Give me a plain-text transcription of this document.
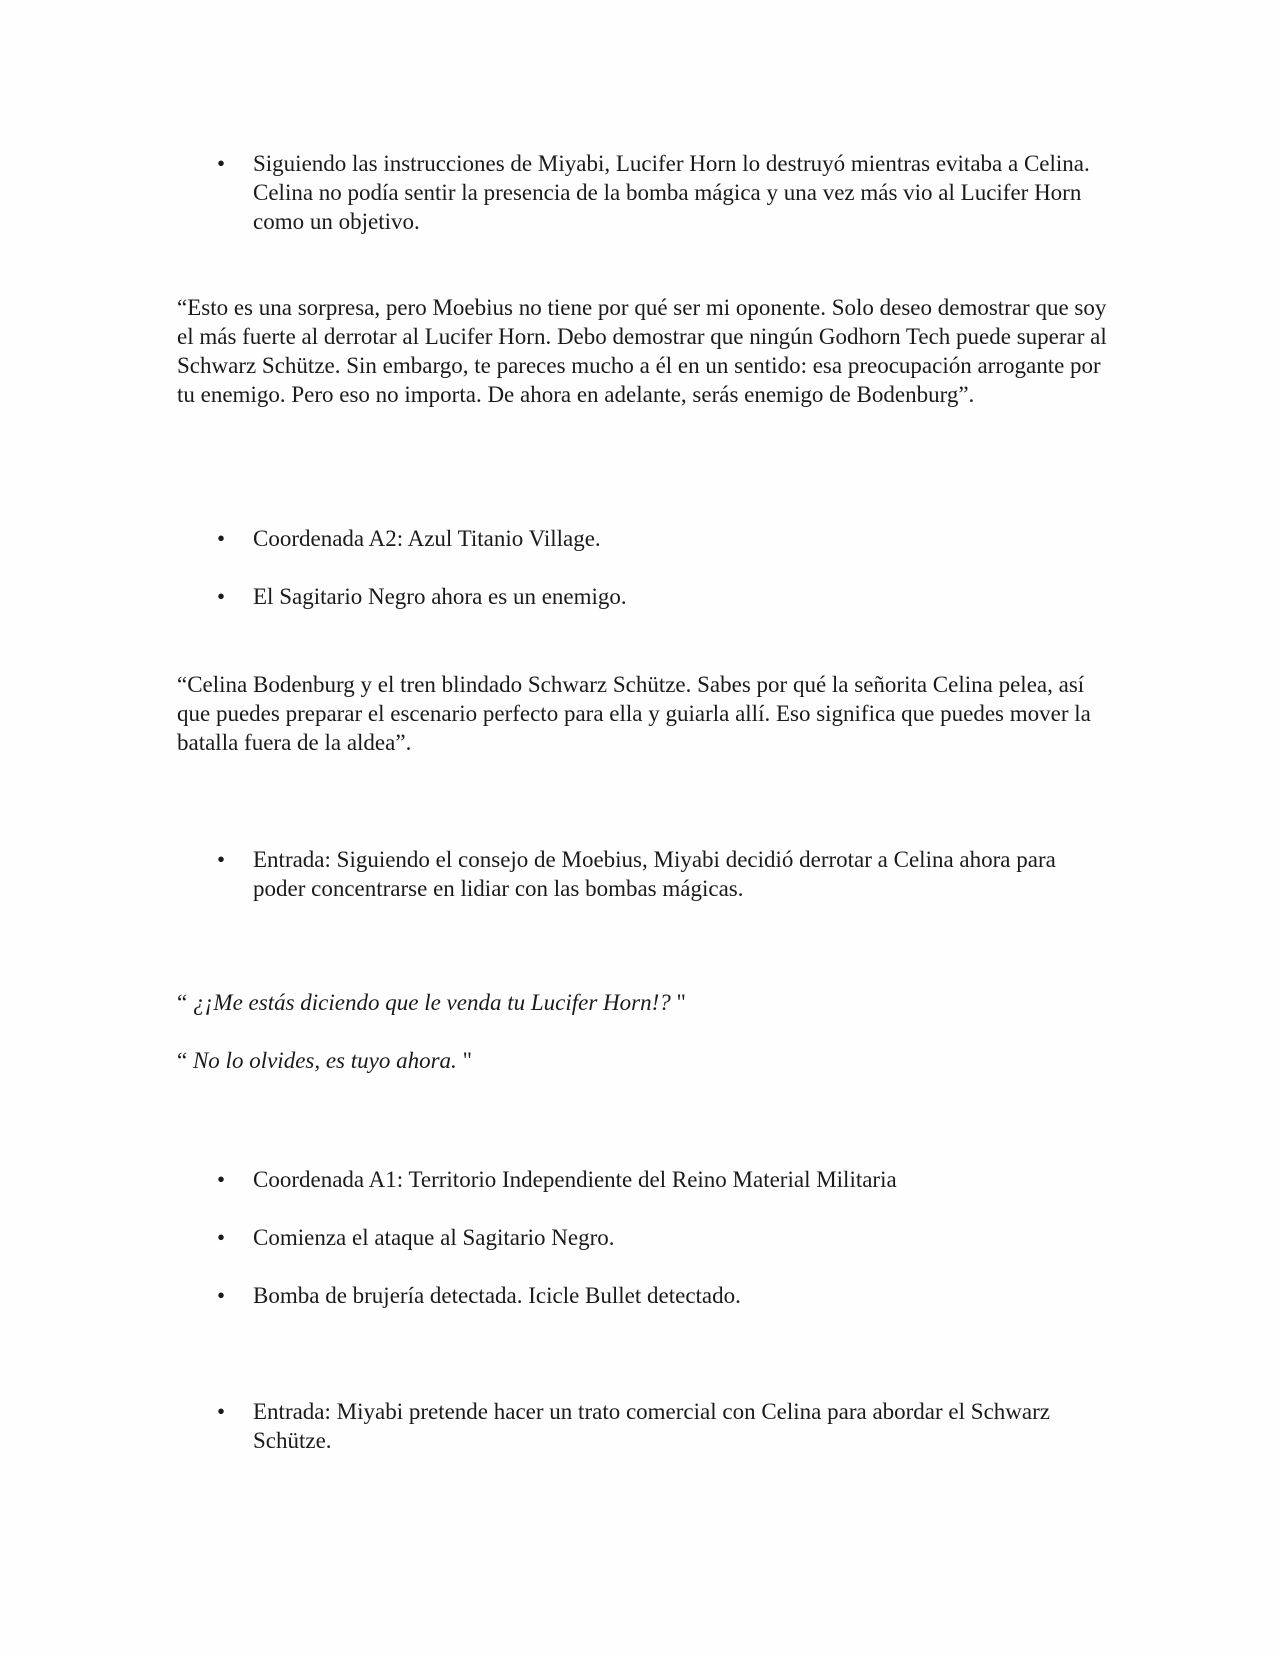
• Siguiendo las instrucciones de Miyabi, Lucifer Horn lo destruyó mientras evitaba a Celina. Celina no podía sentir la presencia de la bomba mágica y una vez más vio al Lucifer Horn como un objetivo.

“Esto es una sorpresa, pero Moebius no tiene por qué ser mi oponente. Solo deseo demostrar que soy el más fuerte al derrotar al Lucifer Horn. Debo demostrar que ningún Godhorn Tech puede superar al Schwarz Schütze. Sin embargo, te pareces mucho a él en un sentido: esa preocupación arrogante por tu enemigo. Pero eso no importa. De ahora en adelante, serás enemigo de Bodenburg”.

• Coordenada A2: Azul Titanio Village.
• El Sagitario Negro ahora es un enemigo.

“Celina Bodenburg y el tren blindado Schwarz Schütze. Sabes por qué la señorita Celina pelea, así que puedes preparar el escenario perfecto para ella y guiarla allí. Eso significa que puedes mover la batalla fuera de la aldea”.

• Entrada: Siguiendo el consejo de Moebius, Miyabi decidió derrotar a Celina ahora para poder concentrarse en lidiar con las bombas mágicas.
“ ¿¡Me estás diciendo que le venda tu Lucifer Horn!? "
“ No lo olvides, es tuyo ahora. "
• Coordenada A1: Territorio Independiente del Reino Material Militaria
• Comienza el ataque al Sagitario Negro.
• Bomba de brujería detectada. Icicle Bullet detectado.
• Entrada: Miyabi pretende hacer un trato comercial con Celina para abordar el Schwarz Schütze.
